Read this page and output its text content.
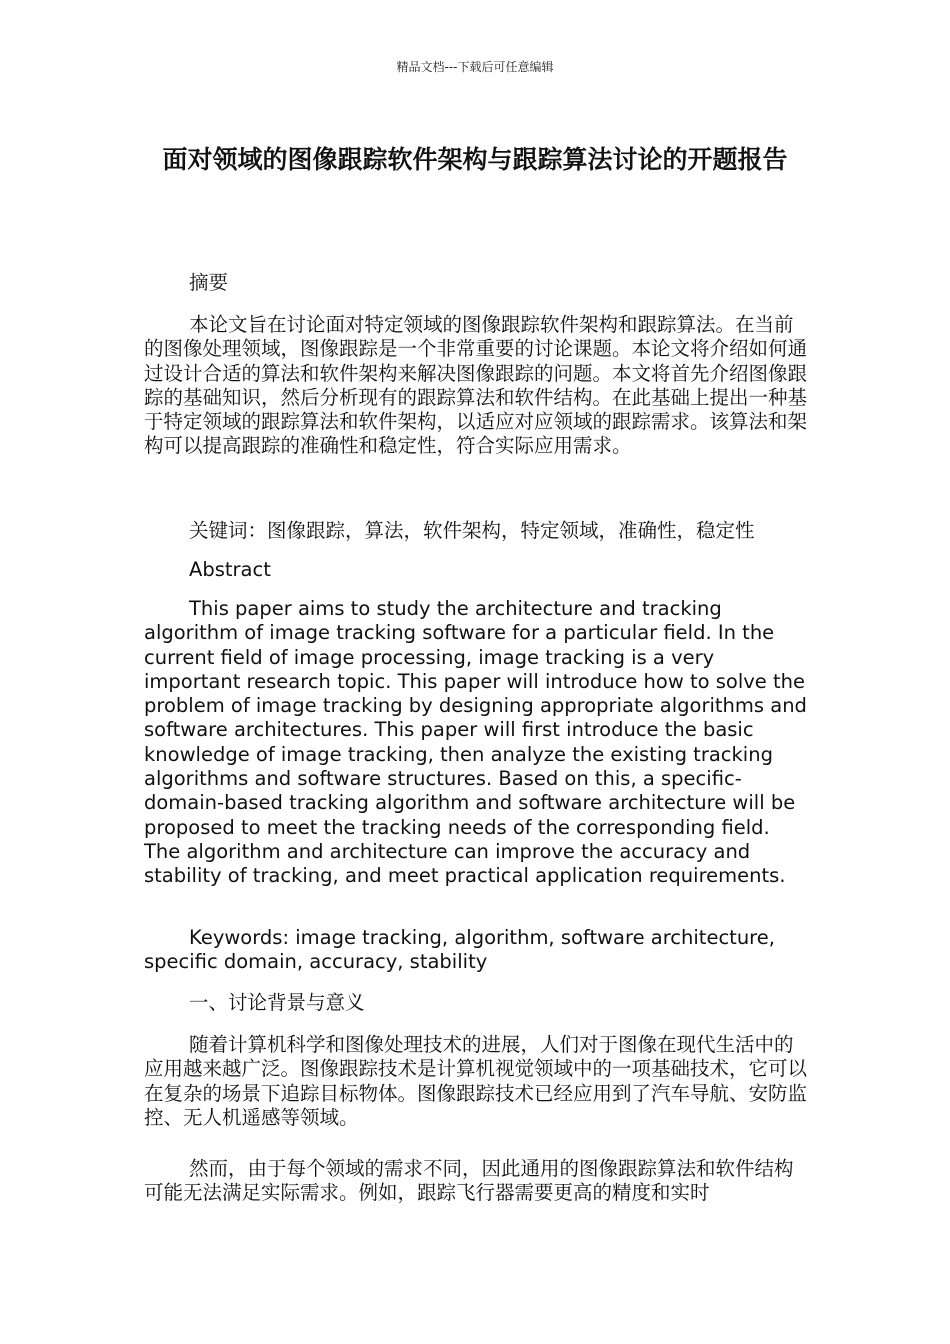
精品文档---下载后可任意编辑
面对领域的图像跟踪软件架构与跟踪算法讨论的开题报告

摘要

本论文旨在讨论面对特定领域的图像跟踪软件架构和跟踪算法。在当前的图像处理领域，图像跟踪是一个非常重要的讨论课题。本论文将介绍如何通过设计合适的算法和软件架构来解决图像跟踪的问题。本文将首先介绍图像跟踪的基础知识，然后分析现有的跟踪算法和软件结构。在此基础上提出一种基于特定领域的跟踪算法和软件架构，以适应对应领域的跟踪需求。该算法和架构可以提高跟踪的准确性和稳定性，符合实际应用需求。

关键词：图像跟踪，算法，软件架构，特定领域，准确性，稳定性

Abstract

This paper aims to study the architecture and tracking algorithm of image tracking software for a particular field. In the current field of image processing, image tracking is a very important research topic. This paper will introduce how to solve the problem of image tracking by designing appropriate algorithms and software architectures. This paper will first introduce the basic knowledge of image tracking, then analyze the existing tracking algorithms and software structures. Based on this, a specific-domain-based tracking algorithm and software architecture will be proposed to meet the tracking needs of the corresponding field. The algorithm and architecture can improve the accuracy and stability of tracking, and meet practical application requirements.

Keywords: image tracking, algorithm, software architecture, specific domain, accuracy, stability

一、讨论背景与意义

随着计算机科学和图像处理技术的进展，人们对于图像在现代生活中的应用越来越广泛。图像跟踪技术是计算机视觉领域中的一项基础技术，它可以在复杂的场景下追踪目标物体。图像跟踪技术已经应用到了汽车导航、安防监控、无人机遥感等领域。

然而，由于每个领域的需求不同，因此通用的图像跟踪算法和软件结构可能无法满足实际需求。例如，跟踪飞行器需要更高的精度和实时
